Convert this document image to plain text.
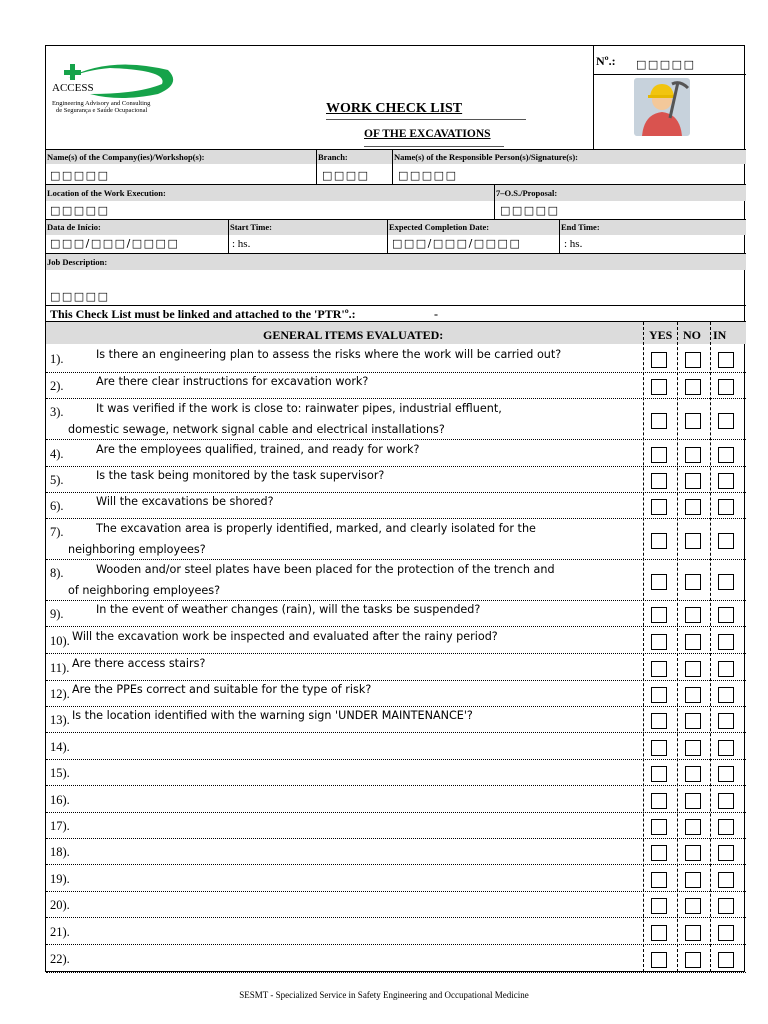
ACCESS
Engineering Advisory and Consulting
de Segurança e Saúde Ocupacional	WORK CHECK LIST
OF THE EXCAVATIONS
Nº.: □□□□□
Name(s) of the Company(ies)/Workshop(s):	Branch:	Name(s) of the Responsible Person(s)/Signature(s):
□□□□□	□□□□	□□□□□
Location of the Work Execution:	7–O.S./Proposal:
□□□□□	□□□□□
Data de Início:	Start Time:	Expected Completion Date:	End Time:
□□□/□□□/□□□□	: hs.	□□□/□□□/□□□□	: hs.
Job Description:
□□□□□
This Check List must be linked and attached to the 'PTR'º.:	-
GENERAL ITEMS EVALUATED:	YES NO IN
1).	Is there an engineering plan to assess the risks where the work will be carried out?
2).	Are there clear instructions for excavation work?
3).	It was verified if the work is close to: rainwater pipes, industrial effluent,
domestic sewage, network signal cable and electrical installations?
4).	Are the employees qualified, trained, and ready for work?
5).	Is the task being monitored by the task supervisor?
6).	Will the excavations be shored?
7).	The excavation area is properly identified, marked, and clearly isolated for the
neighboring employees?
8).	Wooden and/or steel plates have been placed for the protection of the trench and
of neighboring employees?
9).	In the event of weather changes (rain), will the tasks be suspended?
10). Will the excavation work be inspected and evaluated after the rainy period?
11). Are there access stairs?
12). Are the PPEs correct and suitable for the type of risk?
13). Is the location identified with the warning sign 'UNDER MAINTENANCE'?
14).
15).
16).
17).
18).
19).
20).
21).
22).
SESMT - Specialized Service in Safety Engineering and Occupational Medicine
